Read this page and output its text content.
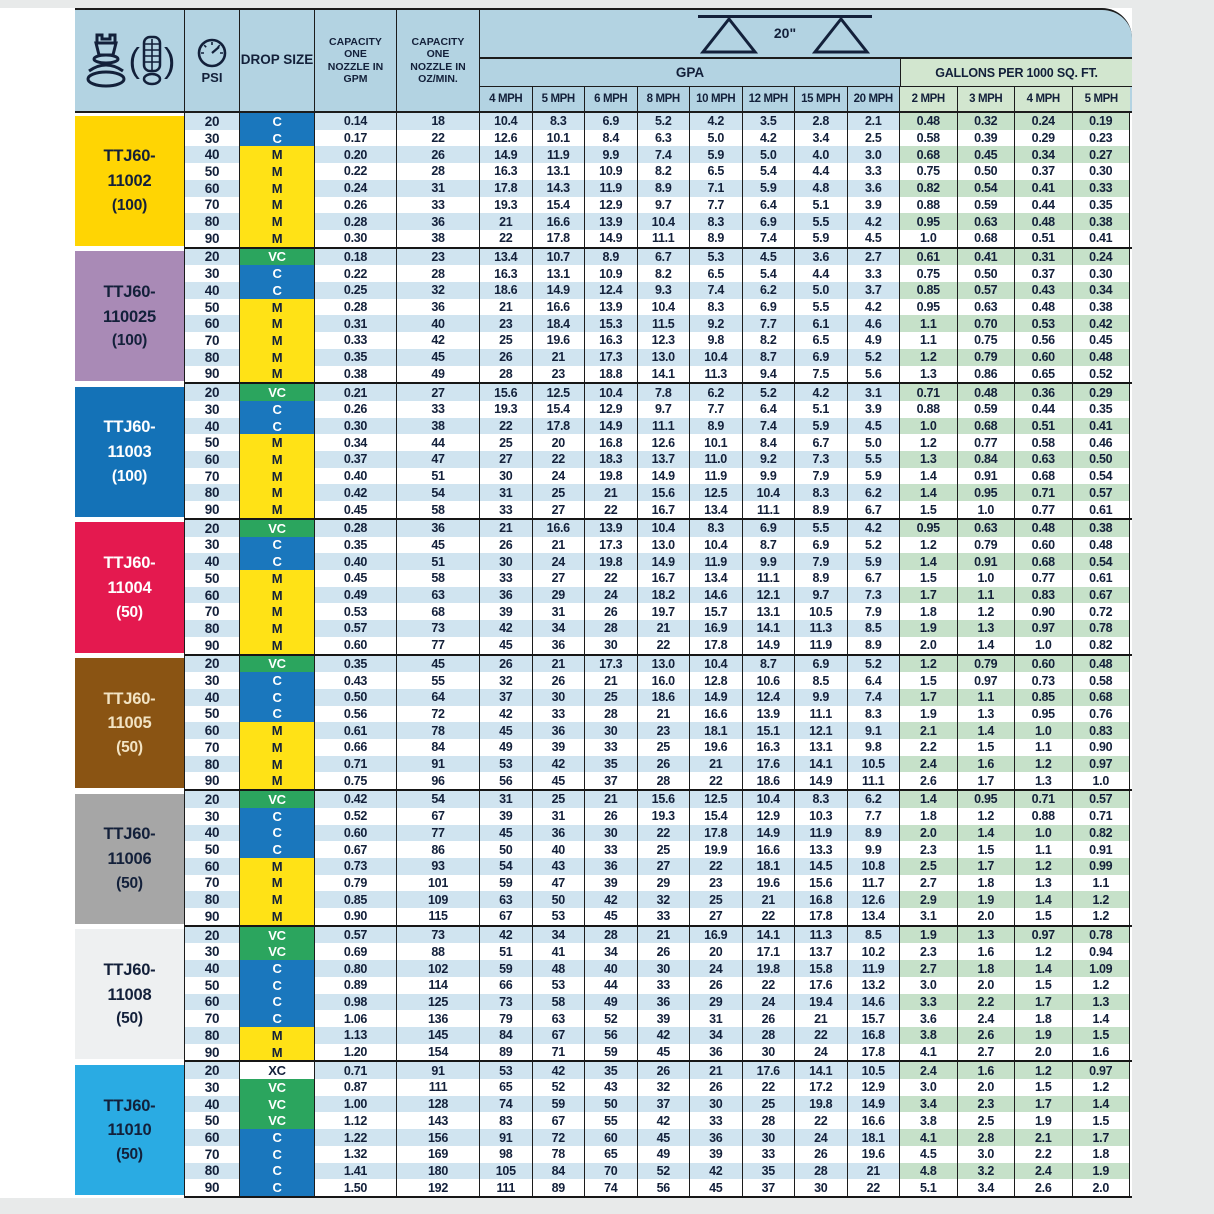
( ) PSI
DROP SIZE
CAPACITY ONE NOZZLE IN GPM
CAPACITY ONE NOZZLE IN OZ/MIN.
20"
GPA	GALLONS PER 1000 SQ. FT.
4 MPH	5 MPH	6 MPH	8 MPH	10 MPH	12 MPH	15 MPH	20 MPH	2 MPH	3 MPH	4 MPH	5 MPH
TTJ60-
11002
(100)
20	C	0.14	18	10.4	8.3	6.9	5.2	4.2	3.5	2.8	2.1	0.48	0.32	0.24	0.19
30	C	0.17	22	12.6	10.1	8.4	6.3	5.0	4.2	3.4	2.5	0.58	0.39	0.29	0.23
40	M	0.20	26	14.9	11.9	9.9	7.4	5.9	5.0	4.0	3.0	0.68	0.45	0.34	0.27
50	M	0.22	28	16.3	13.1	10.9	8.2	6.5	5.4	4.4	3.3	0.75	0.50	0.37	0.30
60	M	0.24	31	17.8	14.3	11.9	8.9	7.1	5.9	4.8	3.6	0.82	0.54	0.41	0.33
70	M	0.26	33	19.3	15.4	12.9	9.7	7.7	6.4	5.1	3.9	0.88	0.59	0.44	0.35
80	M	0.28	36	21	16.6	13.9	10.4	8.3	6.9	5.5	4.2	0.95	0.63	0.48	0.38
90	M	0.30	38	22	17.8	14.9	11.1	8.9	7.4	5.9	4.5	1.0	0.68	0.51	0.41
TTJ60-
110025
(100)
20	VC	0.18	23	13.4	10.7	8.9	6.7	5.3	4.5	3.6	2.7	0.61	0.41	0.31	0.24
30	C	0.22	28	16.3	13.1	10.9	8.2	6.5	5.4	4.4	3.3	0.75	0.50	0.37	0.30
40	C	0.25	32	18.6	14.9	12.4	9.3	7.4	6.2	5.0	3.7	0.85	0.57	0.43	0.34
50	M	0.28	36	21	16.6	13.9	10.4	8.3	6.9	5.5	4.2	0.95	0.63	0.48	0.38
60	M	0.31	40	23	18.4	15.3	11.5	9.2	7.7	6.1	4.6	1.1	0.70	0.53	0.42
70	M	0.33	42	25	19.6	16.3	12.3	9.8	8.2	6.5	4.9	1.1	0.75	0.56	0.45
80	M	0.35	45	26	21	17.3	13.0	10.4	8.7	6.9	5.2	1.2	0.79	0.60	0.48
90	M	0.38	49	28	23	18.8	14.1	11.3	9.4	7.5	5.6	1.3	0.86	0.65	0.52
TTJ60-
11003
(100)
20	VC	0.21	27	15.6	12.5	10.4	7.8	6.2	5.2	4.2	3.1	0.71	0.48	0.36	0.29
30	C	0.26	33	19.3	15.4	12.9	9.7	7.7	6.4	5.1	3.9	0.88	0.59	0.44	0.35
40	C	0.30	38	22	17.8	14.9	11.1	8.9	7.4	5.9	4.5	1.0	0.68	0.51	0.41
50	M	0.34	44	25	20	16.8	12.6	10.1	8.4	6.7	5.0	1.2	0.77	0.58	0.46
60	M	0.37	47	27	22	18.3	13.7	11.0	9.2	7.3	5.5	1.3	0.84	0.63	0.50
70	M	0.40	51	30	24	19.8	14.9	11.9	9.9	7.9	5.9	1.4	0.91	0.68	0.54
80	M	0.42	54	31	25	21	15.6	12.5	10.4	8.3	6.2	1.4	0.95	0.71	0.57
90	M	0.45	58	33	27	22	16.7	13.4	11.1	8.9	6.7	1.5	1.0	0.77	0.61
TTJ60-
11004
(50)
20	VC	0.28	36	21	16.6	13.9	10.4	8.3	6.9	5.5	4.2	0.95	0.63	0.48	0.38
30	C	0.35	45	26	21	17.3	13.0	10.4	8.7	6.9	5.2	1.2	0.79	0.60	0.48
40	C	0.40	51	30	24	19.8	14.9	11.9	9.9	7.9	5.9	1.4	0.91	0.68	0.54
50	M	0.45	58	33	27	22	16.7	13.4	11.1	8.9	6.7	1.5	1.0	0.77	0.61
60	M	0.49	63	36	29	24	18.2	14.6	12.1	9.7	7.3	1.7	1.1	0.83	0.67
70	M	0.53	68	39	31	26	19.7	15.7	13.1	10.5	7.9	1.8	1.2	0.90	0.72
80	M	0.57	73	42	34	28	21	16.9	14.1	11.3	8.5	1.9	1.3	0.97	0.78
90	M	0.60	77	45	36	30	22	17.8	14.9	11.9	8.9	2.0	1.4	1.0	0.82
TTJ60-
11005
(50)
20	VC	0.35	45	26	21	17.3	13.0	10.4	8.7	6.9	5.2	1.2	0.79	0.60	0.48
30	C	0.43	55	32	26	21	16.0	12.8	10.6	8.5	6.4	1.5	0.97	0.73	0.58
40	C	0.50	64	37	30	25	18.6	14.9	12.4	9.9	7.4	1.7	1.1	0.85	0.68
50	C	0.56	72	42	33	28	21	16.6	13.9	11.1	8.3	1.9	1.3	0.95	0.76
60	M	0.61	78	45	36	30	23	18.1	15.1	12.1	9.1	2.1	1.4	1.0	0.83
70	M	0.66	84	49	39	33	25	19.6	16.3	13.1	9.8	2.2	1.5	1.1	0.90
80	M	0.71	91	53	42	35	26	21	17.6	14.1	10.5	2.4	1.6	1.2	0.97
90	M	0.75	96	56	45	37	28	22	18.6	14.9	11.1	2.6	1.7	1.3	1.0
TTJ60-
11006
(50)
20	VC	0.42	54	31	25	21	15.6	12.5	10.4	8.3	6.2	1.4	0.95	0.71	0.57
30	C	0.52	67	39	31	26	19.3	15.4	12.9	10.3	7.7	1.8	1.2	0.88	0.71
40	C	0.60	77	45	36	30	22	17.8	14.9	11.9	8.9	2.0	1.4	1.0	0.82
50	C	0.67	86	50	40	33	25	19.9	16.6	13.3	9.9	2.3	1.5	1.1	0.91
60	M	0.73	93	54	43	36	27	22	18.1	14.5	10.8	2.5	1.7	1.2	0.99
70	M	0.79	101	59	47	39	29	23	19.6	15.6	11.7	2.7	1.8	1.3	1.1
80	M	0.85	109	63	50	42	32	25	21	16.8	12.6	2.9	1.9	1.4	1.2
90	M	0.90	115	67	53	45	33	27	22	17.8	13.4	3.1	2.0	1.5	1.2
TTJ60-
11008
(50)
20	VC	0.57	73	42	34	28	21	16.9	14.1	11.3	8.5	1.9	1.3	0.97	0.78
30	VC	0.69	88	51	41	34	26	20	17.1	13.7	10.2	2.3	1.6	1.2	0.94
40	C	0.80	102	59	48	40	30	24	19.8	15.8	11.9	2.7	1.8	1.4	1.09
50	C	0.89	114	66	53	44	33	26	22	17.6	13.2	3.0	2.0	1.5	1.2
60	C	0.98	125	73	58	49	36	29	24	19.4	14.6	3.3	2.2	1.7	1.3
70	C	1.06	136	79	63	52	39	31	26	21	15.7	3.6	2.4	1.8	1.4
80	M	1.13	145	84	67	56	42	34	28	22	16.8	3.8	2.6	1.9	1.5
90	M	1.20	154	89	71	59	45	36	30	24	17.8	4.1	2.7	2.0	1.6
TTJ60-
11010
(50)
20	XC	0.71	91	53	42	35	26	21	17.6	14.1	10.5	2.4	1.6	1.2	0.97
30	VC	0.87	111	65	52	43	32	26	22	17.2	12.9	3.0	2.0	1.5	1.2
40	VC	1.00	128	74	59	50	37	30	25	19.8	14.9	3.4	2.3	1.7	1.4
50	VC	1.12	143	83	67	55	42	33	28	22	16.6	3.8	2.5	1.9	1.5
60	C	1.22	156	91	72	60	45	36	30	24	18.1	4.1	2.8	2.1	1.7
70	C	1.32	169	98	78	65	49	39	33	26	19.6	4.5	3.0	2.2	1.8
80	C	1.41	180	105	84	70	52	42	35	28	21	4.8	3.2	2.4	1.9
90	C	1.50	192	111	89	74	56	45	37	30	22	5.1	3.4	2.6	2.0
